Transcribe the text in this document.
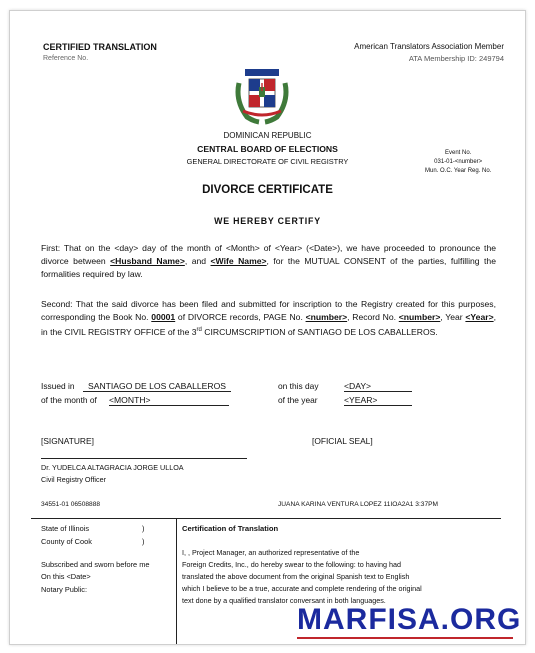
CERTIFIED TRANSLATION
Reference No.
American Translators Association Member
ATA Membership ID: 249794
DOMINICAN REPUBLIC
CENTRAL BOARD OF ELECTIONS
GENERAL DIRECTORATE OF CIVIL REGISTRY
Event No.
031-01-<number>
Mun. O.C. Year Reg. No.
DIVORCE CERTIFICATE
WE HEREBY CERTIFY
First: That on the <day> day of the month of <Month> of <Year> (<Date>), we have proceeded to pronounce the divorce between <Husband Name>, and <Wife Name>, for the MUTUAL CONSENT of the parties, fulfilling the formalities required by law.
Second: That the said divorce has been filed and submitted for inscription to the Registry created for this purposes, corresponding the Book No. 00001 of DIVORCE records, PAGE No. <number>, Record No. <number>, Year <Year>, in the CIVIL REGISTRY OFFICE of the 3rd CIRCUMSCRIPTION of SANTIAGO DE LOS CABALLEROS.
Issued in	SANTIAGO DE LOS CABALLEROS
of the month of <MONTH>
on this day	<DAY>
of the year	<YEAR>
[SIGNATURE]	[OFICIAL SEAL]
Dr. YUDELCA ALTAGRACIA JORGE ULLOA
Civil Registry Officer
34551-01 06508888	JUANA KARINA VENTURA LOPEZ 11IOA2A1 3:37PM
State of Illinois	)
County of Cook	)
Subscribed and sworn before me
On this <Date>
Notary Public:
Certification of Translation
I, , Project Manager, an authorized representative of the
Foreign Credits, Inc., do hereby swear to the following: to having had
translated the above document from the original Spanish text to English
which I believe to be a true, accurate and complete rendering of the original
text done by a qualified translator conversant in both languages.
MARFISA.ORG
